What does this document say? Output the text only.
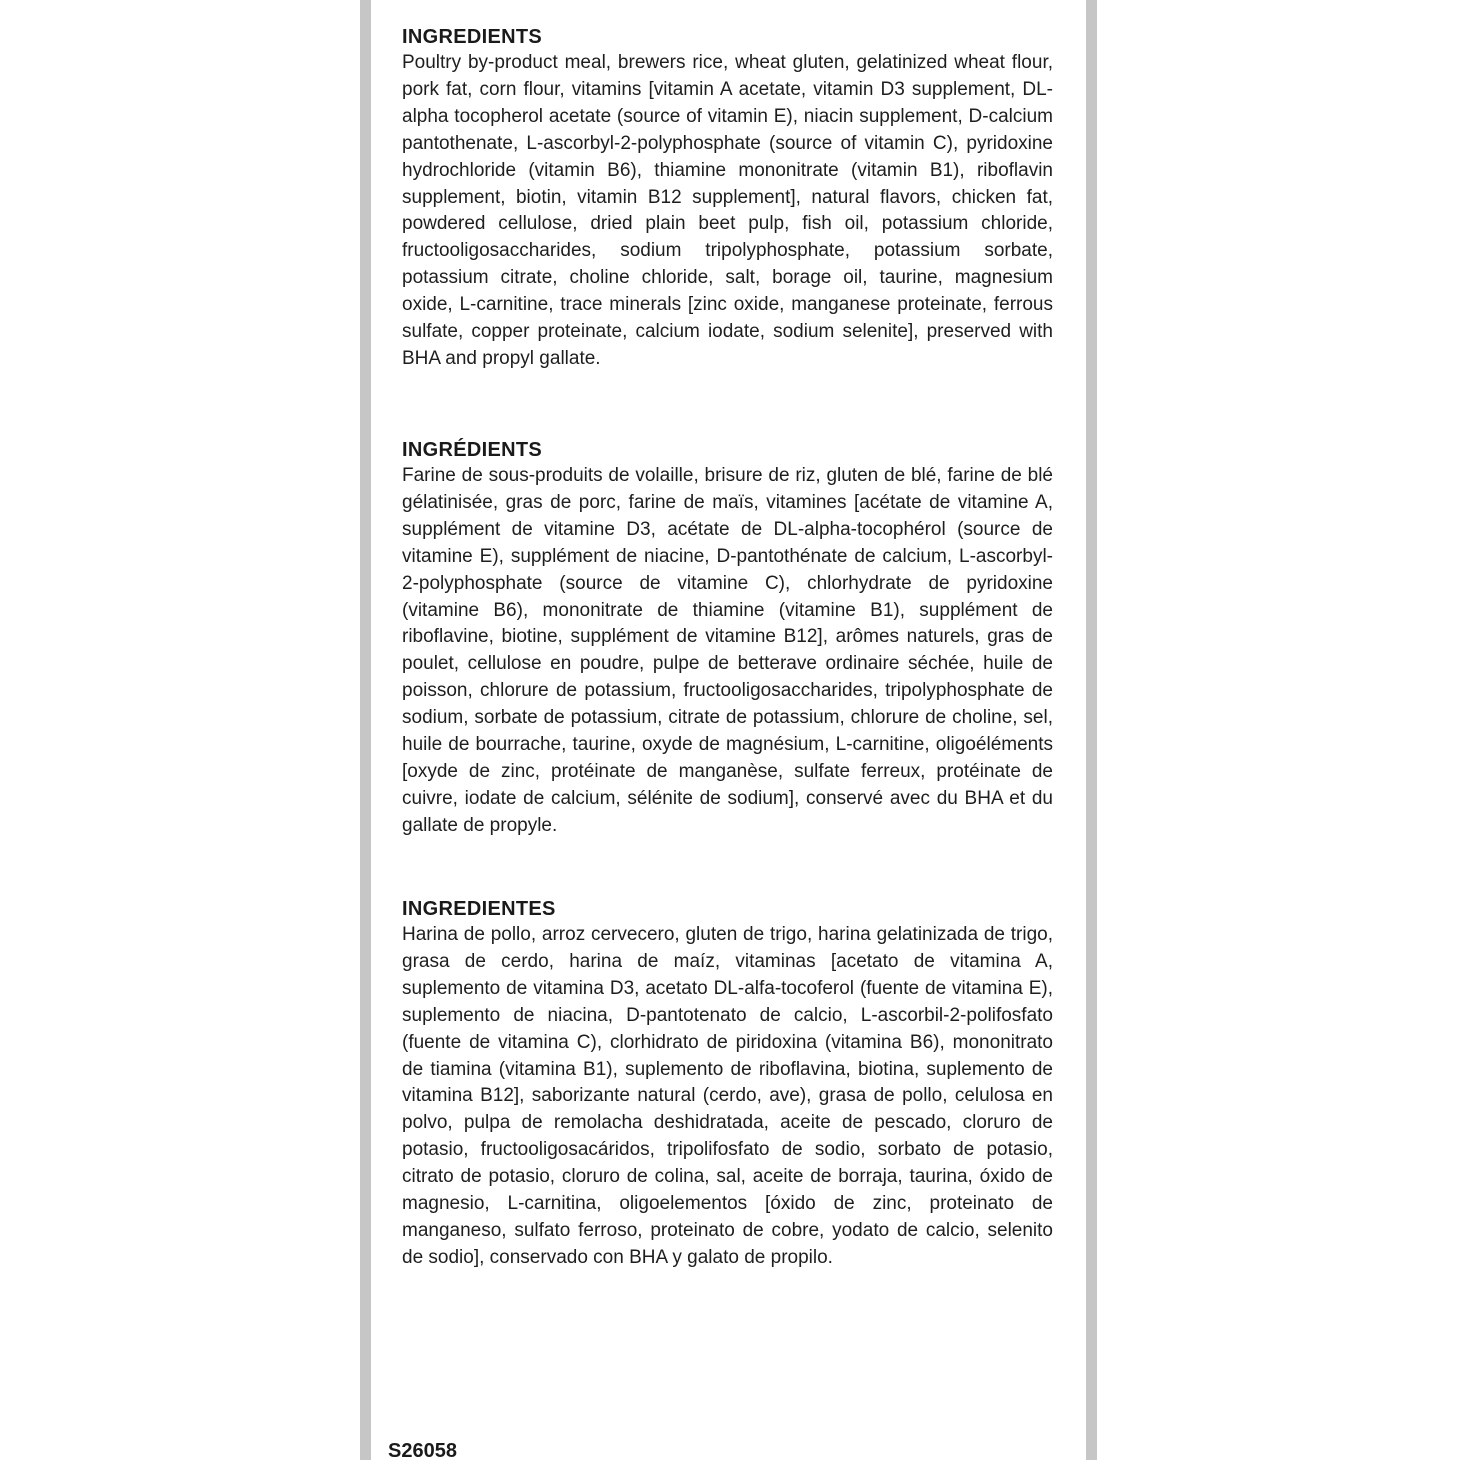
INGREDIENTS

Poultry by-product meal, brewers rice, wheat gluten, gelatinized wheat flour, pork fat, corn flour, vitamins [vitamin A acetate, vitamin D3 supplement, DL-alpha tocopherol acetate (source of vitamin E), niacin supplement, D-calcium pantothenate, L-ascorbyl-2-polyphosphate (source of vitamin C), pyridoxine hydrochloride (vitamin B6), thiamine mononitrate (vitamin B1), riboflavin supplement, biotin, vitamin B12 supplement], natural flavors, chicken fat, powdered cellulose, dried plain beet pulp, fish oil, potassium chloride, fructooligosaccharides, sodium tripolyphosphate, potassium sorbate, potassium citrate, choline chloride, salt, borage oil, taurine, magnesium oxide, L-carnitine, trace minerals [zinc oxide, manganese proteinate, ferrous sulfate, copper proteinate, calcium iodate, sodium selenite], preserved with BHA and propyl gallate.

INGRÉDIENTS

Farine de sous-produits de volaille, brisure de riz, gluten de blé, farine de blé gélatinisée, gras de porc, farine de maïs, vitamines [acétate de vitamine A, supplément de vitamine D3, acétate de DL-alpha-tocophérol (source de vitamine E), supplément de niacine, D-pantothénate de calcium, L-ascorbyl-2-polyphosphate (source de vitamine C), chlorhydrate de pyridoxine (vitamine B6), mononitrate de thiamine (vitamine B1), supplément de riboflavine, biotine, supplément de vitamine B12], arômes naturels, gras de poulet, cellulose en poudre, pulpe de betterave ordinaire séchée, huile de poisson, chlorure de potassium, fructooligosaccharides, tripolyphosphate de sodium, sorbate de potassium, citrate de potassium, chlorure de choline, sel, huile de bourrache, taurine, oxyde de magnésium, L-carnitine, oligoéléments [oxyde de zinc, protéinate de manganèse, sulfate ferreux, protéinate de cuivre, iodate de calcium, sélénite de sodium], conservé avec du BHA et du gallate de propyle.

INGREDIENTES

Harina de pollo, arroz cervecero, gluten de trigo, harina gelatinizada de trigo, grasa de cerdo, harina de maíz, vitaminas [acetato de vitamina A, suplemento de vitamina D3, acetato DL-alfa-tocoferol (fuente de vitamina E), suplemento de niacina, D-pantotenato de calcio, L-ascorbil-2-polifosfato (fuente de vitamina C), clorhidrato de piridoxina (vitamina B6), mononitrato de tiamina (vitamina B1), suplemento de riboflavina, biotina, suplemento de vitamina B12], saborizante natural (cerdo, ave), grasa de pollo, celulosa en polvo, pulpa de remolacha deshidratada, aceite de pescado, cloruro de potasio, fructooligosacáridos, tripolifosfato de sodio, sorbato de potasio, citrato de potasio, cloruro de colina, sal, aceite de borraja, taurina, óxido de magnesio, L-carnitina, oligoelementos [óxido de zinc, proteinato de manganeso, sulfato ferroso, proteinato de cobre, yodato de calcio, selenito de sodio], conservado con BHA y galato de propilo.

S26058
